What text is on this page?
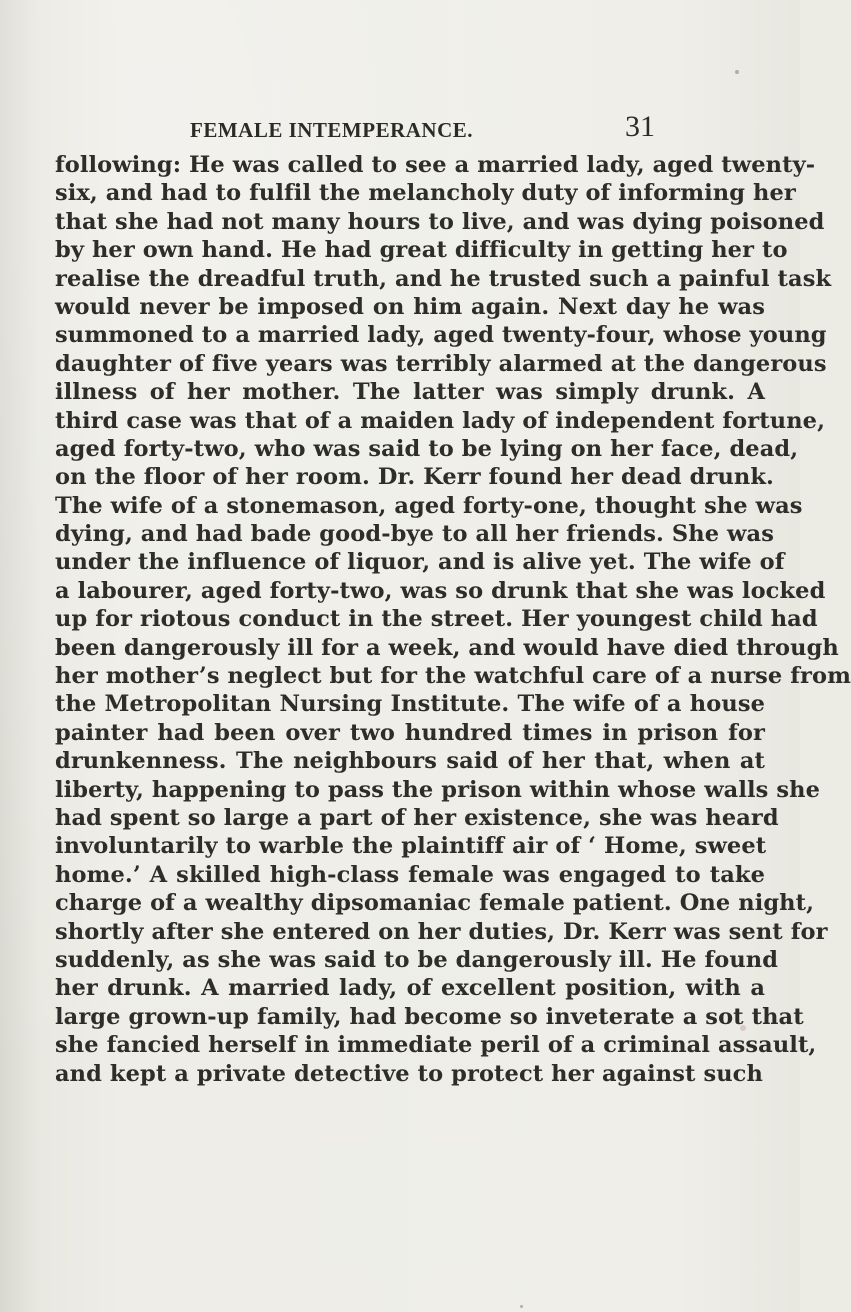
FEMALE INTEMPERANCE.	31
following: He was called to see a married lady, aged twenty-
six, and had to fulfil the melancholy duty of informing her
that she had not many hours to live, and was dying poisoned
by her own hand. He had great difficulty in getting her to
realise the dreadful truth, and he trusted such a painful task
would never be imposed on him again. Next day he was
summoned to a married lady, aged twenty-four, whose young
daughter of five years was terribly alarmed at the dangerous
illness of her mother. The latter was simply drunk. A
third case was that of a maiden lady of independent fortune,
aged forty-two, who was said to be lying on her face, dead,
on the floor of her room. Dr. Kerr found her dead drunk.
The wife of a stonemason, aged forty-one, thought she was
dying, and had bade good-bye to all her friends. She was
under the influence of liquor, and is alive yet. The wife of
a labourer, aged forty-two, was so drunk that she was locked
up for riotous conduct in the street. Her youngest child had
been dangerously ill for a week, and would have died through
her mother’s neglect but for the watchful care of a nurse from
the Metropolitan Nursing Institute. The wife of a house
painter had been over two hundred times in prison for
drunkenness. The neighbours said of her that, when at
liberty, happening to pass the prison within whose walls she
had spent so large a part of her existence, she was heard
involuntarily to warble the plaintiff air of ‘ Home, sweet
home.’ A skilled high-class female was engaged to take
charge of a wealthy dipsomaniac female patient. One night,
shortly after she entered on her duties, Dr. Kerr was sent for
suddenly, as she was said to be dangerously ill. He found
her drunk. A married lady, of excellent position, with a
large grown-up family, had become so inveterate a sot that
she fancied herself in immediate peril of a criminal assault,
and kept a private detective to protect her against such
